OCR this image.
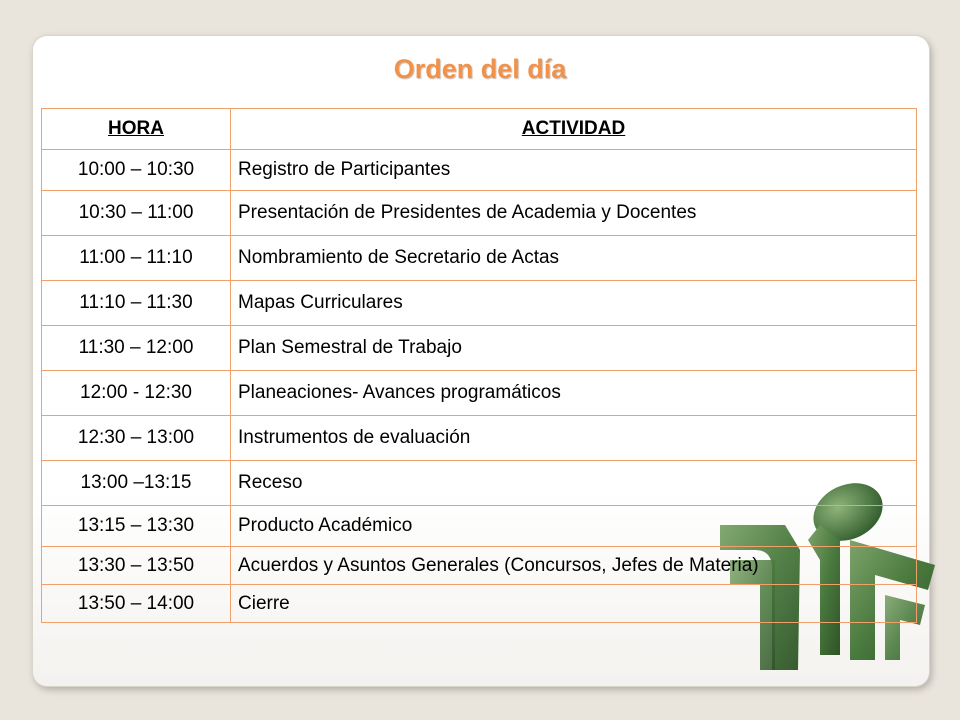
Orden del día
HORA	ACTIVIDAD
10:00 – 10:30	Registro de Participantes
10:30 – 11:00	Presentación de Presidentes de Academia y Docentes
11:00 – 11:10	Nombramiento de Secretario de Actas
11:10 – 11:30	Mapas Curriculares
11:30 – 12:00	Plan Semestral de Trabajo
12:00 - 12:30	Planeaciones- Avances programáticos
12:30 – 13:00	Instrumentos de evaluación
13:00 –13:15	Receso
13:15 – 13:30	Producto Académico
13:30 – 13:50	Acuerdos y Asuntos Generales (Concursos, Jefes de Materia)
13:50 – 14:00	Cierre
